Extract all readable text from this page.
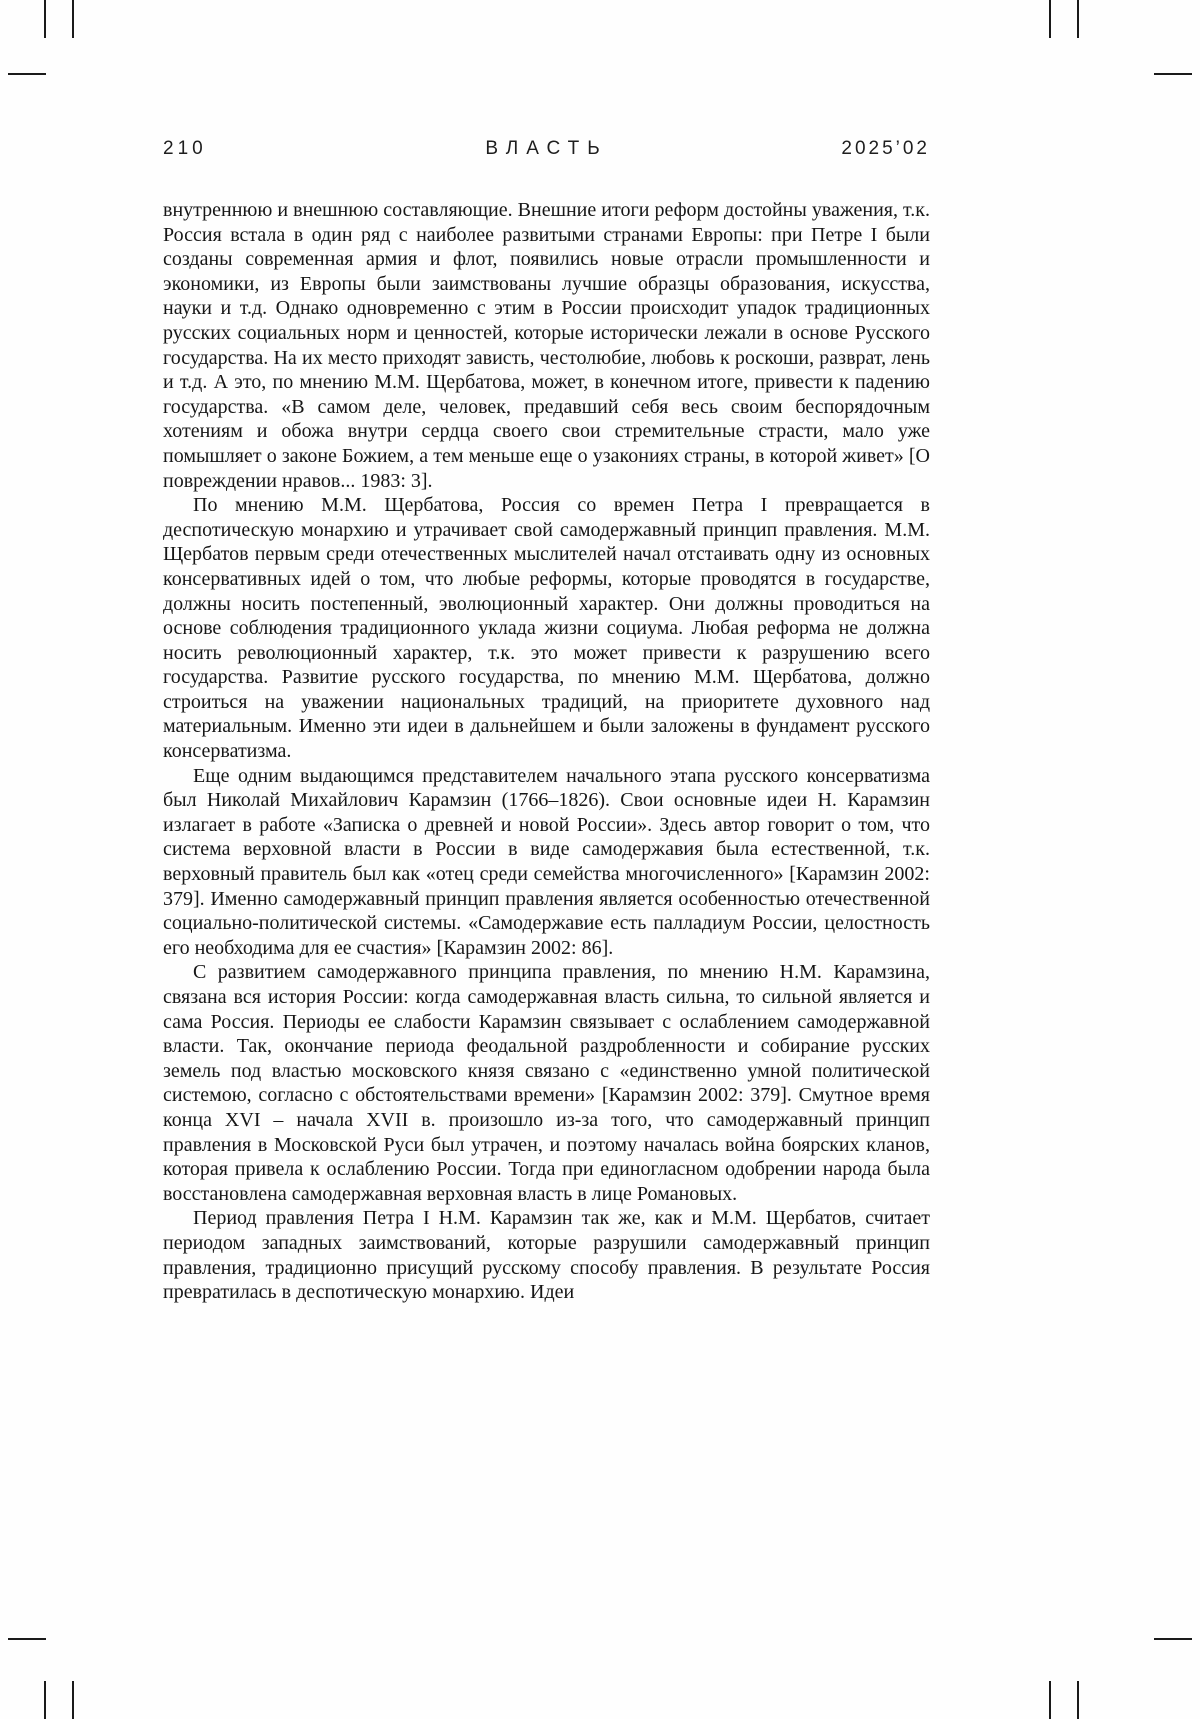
210	ВЛАСТЬ	2025’02

внутреннюю и внешнюю составляющие. Внешние итоги реформ достойны уважения, т.к. Россия встала в один ряд с наиболее развитыми странами Европы: при Петре I были созданы современная армия и флот, появились новые отрасли промышленности и экономики, из Европы были заимствованы лучшие образцы образования, искусства, науки и т.д. Однако одновременно с этим в России происходит упадок традиционных русских социальных норм и ценностей, которые исторически лежали в основе Русского государства. На их место приходят зависть, честолюбие, любовь к роскоши, разврат, лень и т.д. А это, по мнению М.М. Щербатова, может, в конечном итоге, привести к падению государства. «В самом деле, человек, предавший себя весь своим беспорядочным хотениям и обожа внутри сердца своего свои стремительные страсти, мало уже помышляет о законе Божием, а тем меньше еще о узакониях страны, в которой живет» [О повреждении нравов... 1983: 3].

По мнению М.М. Щербатова, Россия со времен Петра I превращается в деспотическую монархию и утрачивает свой самодержавный принцип правления. М.М. Щербатов первым среди отечественных мыслителей начал отстаивать одну из основных консервативных идей о том, что любые реформы, которые проводятся в государстве, должны носить постепенный, эволюционный характер. Они должны проводиться на основе соблюдения традиционного уклада жизни социума. Любая реформа не должна носить революционный характер, т.к. это может привести к разрушению всего государства. Развитие русского государства, по мнению М.М. Щербатова, должно строиться на уважении национальных традиций, на приоритете духовного над материальным. Именно эти идеи в дальнейшем и были заложены в фундамент русского консерватизма.

Еще одним выдающимся представителем начального этапа русского консерватизма был Николай Михайлович Карамзин (1766–1826). Свои основные идеи Н. Карамзин излагает в работе «Записка о древней и новой России». Здесь автор говорит о том, что система верховной власти в России в виде самодержавия была естественной, т.к. верховный правитель был как «отец среди семейства многочисленного» [Карамзин 2002: 379]. Именно самодержавный принцип правления является особенностью отечественной социально-политической системы. «Самодержавие есть палладиум России, целостность его необходима для ее счастия» [Карамзин 2002: 86].

С развитием самодержавного принципа правления, по мнению Н.М. Карамзина, связана вся история России: когда самодержавная власть сильна, то сильной является и сама Россия. Периоды ее слабости Карамзин связывает с ослаблением самодержавной власти. Так, окончание периода феодальной раздробленности и собирание русских земель под властью московского князя связано с «единственно умной политической системою, согласно с обстоятельствами времени» [Карамзин 2002: 379]. Смутное время конца XVI – начала XVII в. произошло из-за того, что самодержавный принцип правления в Московской Руси был утрачен, и поэтому началась война боярских кланов, которая привела к ослаблению России. Тогда при единогласном одобрении народа была восстановлена самодержавная верховная власть в лице Романовых.

Период правления Петра I Н.М. Карамзин так же, как и М.М. Щербатов, считает периодом западных заимствований, которые разрушили самодержавный принцип правления, традиционно присущий русскому способу правления. В результате Россия превратилась в деспотическую монархию. Идеи
